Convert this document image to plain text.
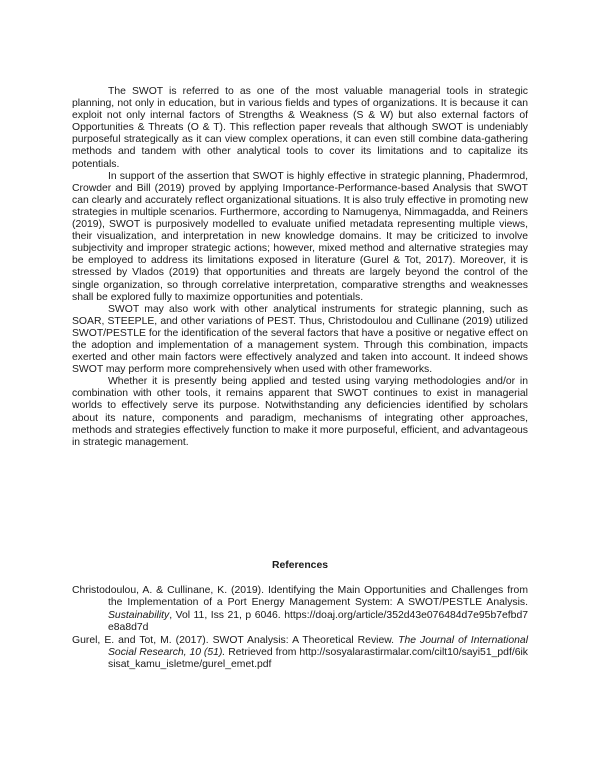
The SWOT is referred to as one of the most valuable managerial tools in strategic planning, not only in education, but in various fields and types of organizations. It is because it can exploit not only internal factors of Strengths & Weakness (S & W) but also external factors of Opportunities & Threats (O & T). This reflection paper reveals that although SWOT is undeniably purposeful strategically as it can view complex operations, it can even still combine data-gathering methods and tandem with other analytical tools to cover its limitations and to capitalize its potentials.

In support of the assertion that SWOT is highly effective in strategic planning, Phadermrod, Crowder and Bill (2019) proved by applying Importance-Performance-based Analysis that SWOT can clearly and accurately reflect organizational situations. It is also truly effective in promoting new strategies in multiple scenarios. Furthermore, according to Namugenya, Nimmagadda, and Reiners (2019), SWOT is purposively modelled to evaluate unified metadata representing multiple views, their visualization, and interpretation in new knowledge domains. It may be criticized to involve subjectivity and improper strategic actions; however, mixed method and alternative strategies may be employed to address its limitations exposed in literature (Gurel & Tot, 2017). Moreover, it is stressed by Vlados (2019) that opportunities and threats are largely beyond the control of the single organization, so through correlative interpretation, comparative strengths and weaknesses shall be explored fully to maximize opportunities and potentials.

SWOT may also work with other analytical instruments for strategic planning, such as SOAR, STEEPLE, and other variations of PEST. Thus, Christodoulou and Cullinane (2019) utilized SWOT/PESTLE for the identification of the several factors that have a positive or negative effect on the adoption and implementation of a management system. Through this combination, impacts exerted and other main factors were effectively analyzed and taken into account. It indeed shows SWOT may perform more comprehensively when used with other frameworks.

Whether it is presently being applied and tested using varying methodologies and/or in combination with other tools, it remains apparent that SWOT continues to exist in managerial worlds to effectively serve its purpose. Notwithstanding any deficiencies identified by scholars about its nature, components and paradigm, mechanisms of integrating other approaches, methods and strategies effectively function to make it more purposeful, efficient, and advantageous in strategic management.

References

Christodoulou, A. & Cullinane, K. (2019). Identifying the Main Opportunities and Challenges from the Implementation of a Port Energy Management System: A SWOT/PESTLE Analysis. Sustainability, Vol 11, Iss 21, p 6046. https://doaj.org/article/352d43e076484d7e95b7efbd7e8a8d7d

Gurel, E. and Tot, M. (2017). SWOT Analysis: A Theoretical Review. The Journal of International Social Research, 10 (51). Retrieved from http://sosyalarastirmalar.com/cilt10/sayi51_pdf/6iksisat_kamu_isletme/gurel_emet.pdf
